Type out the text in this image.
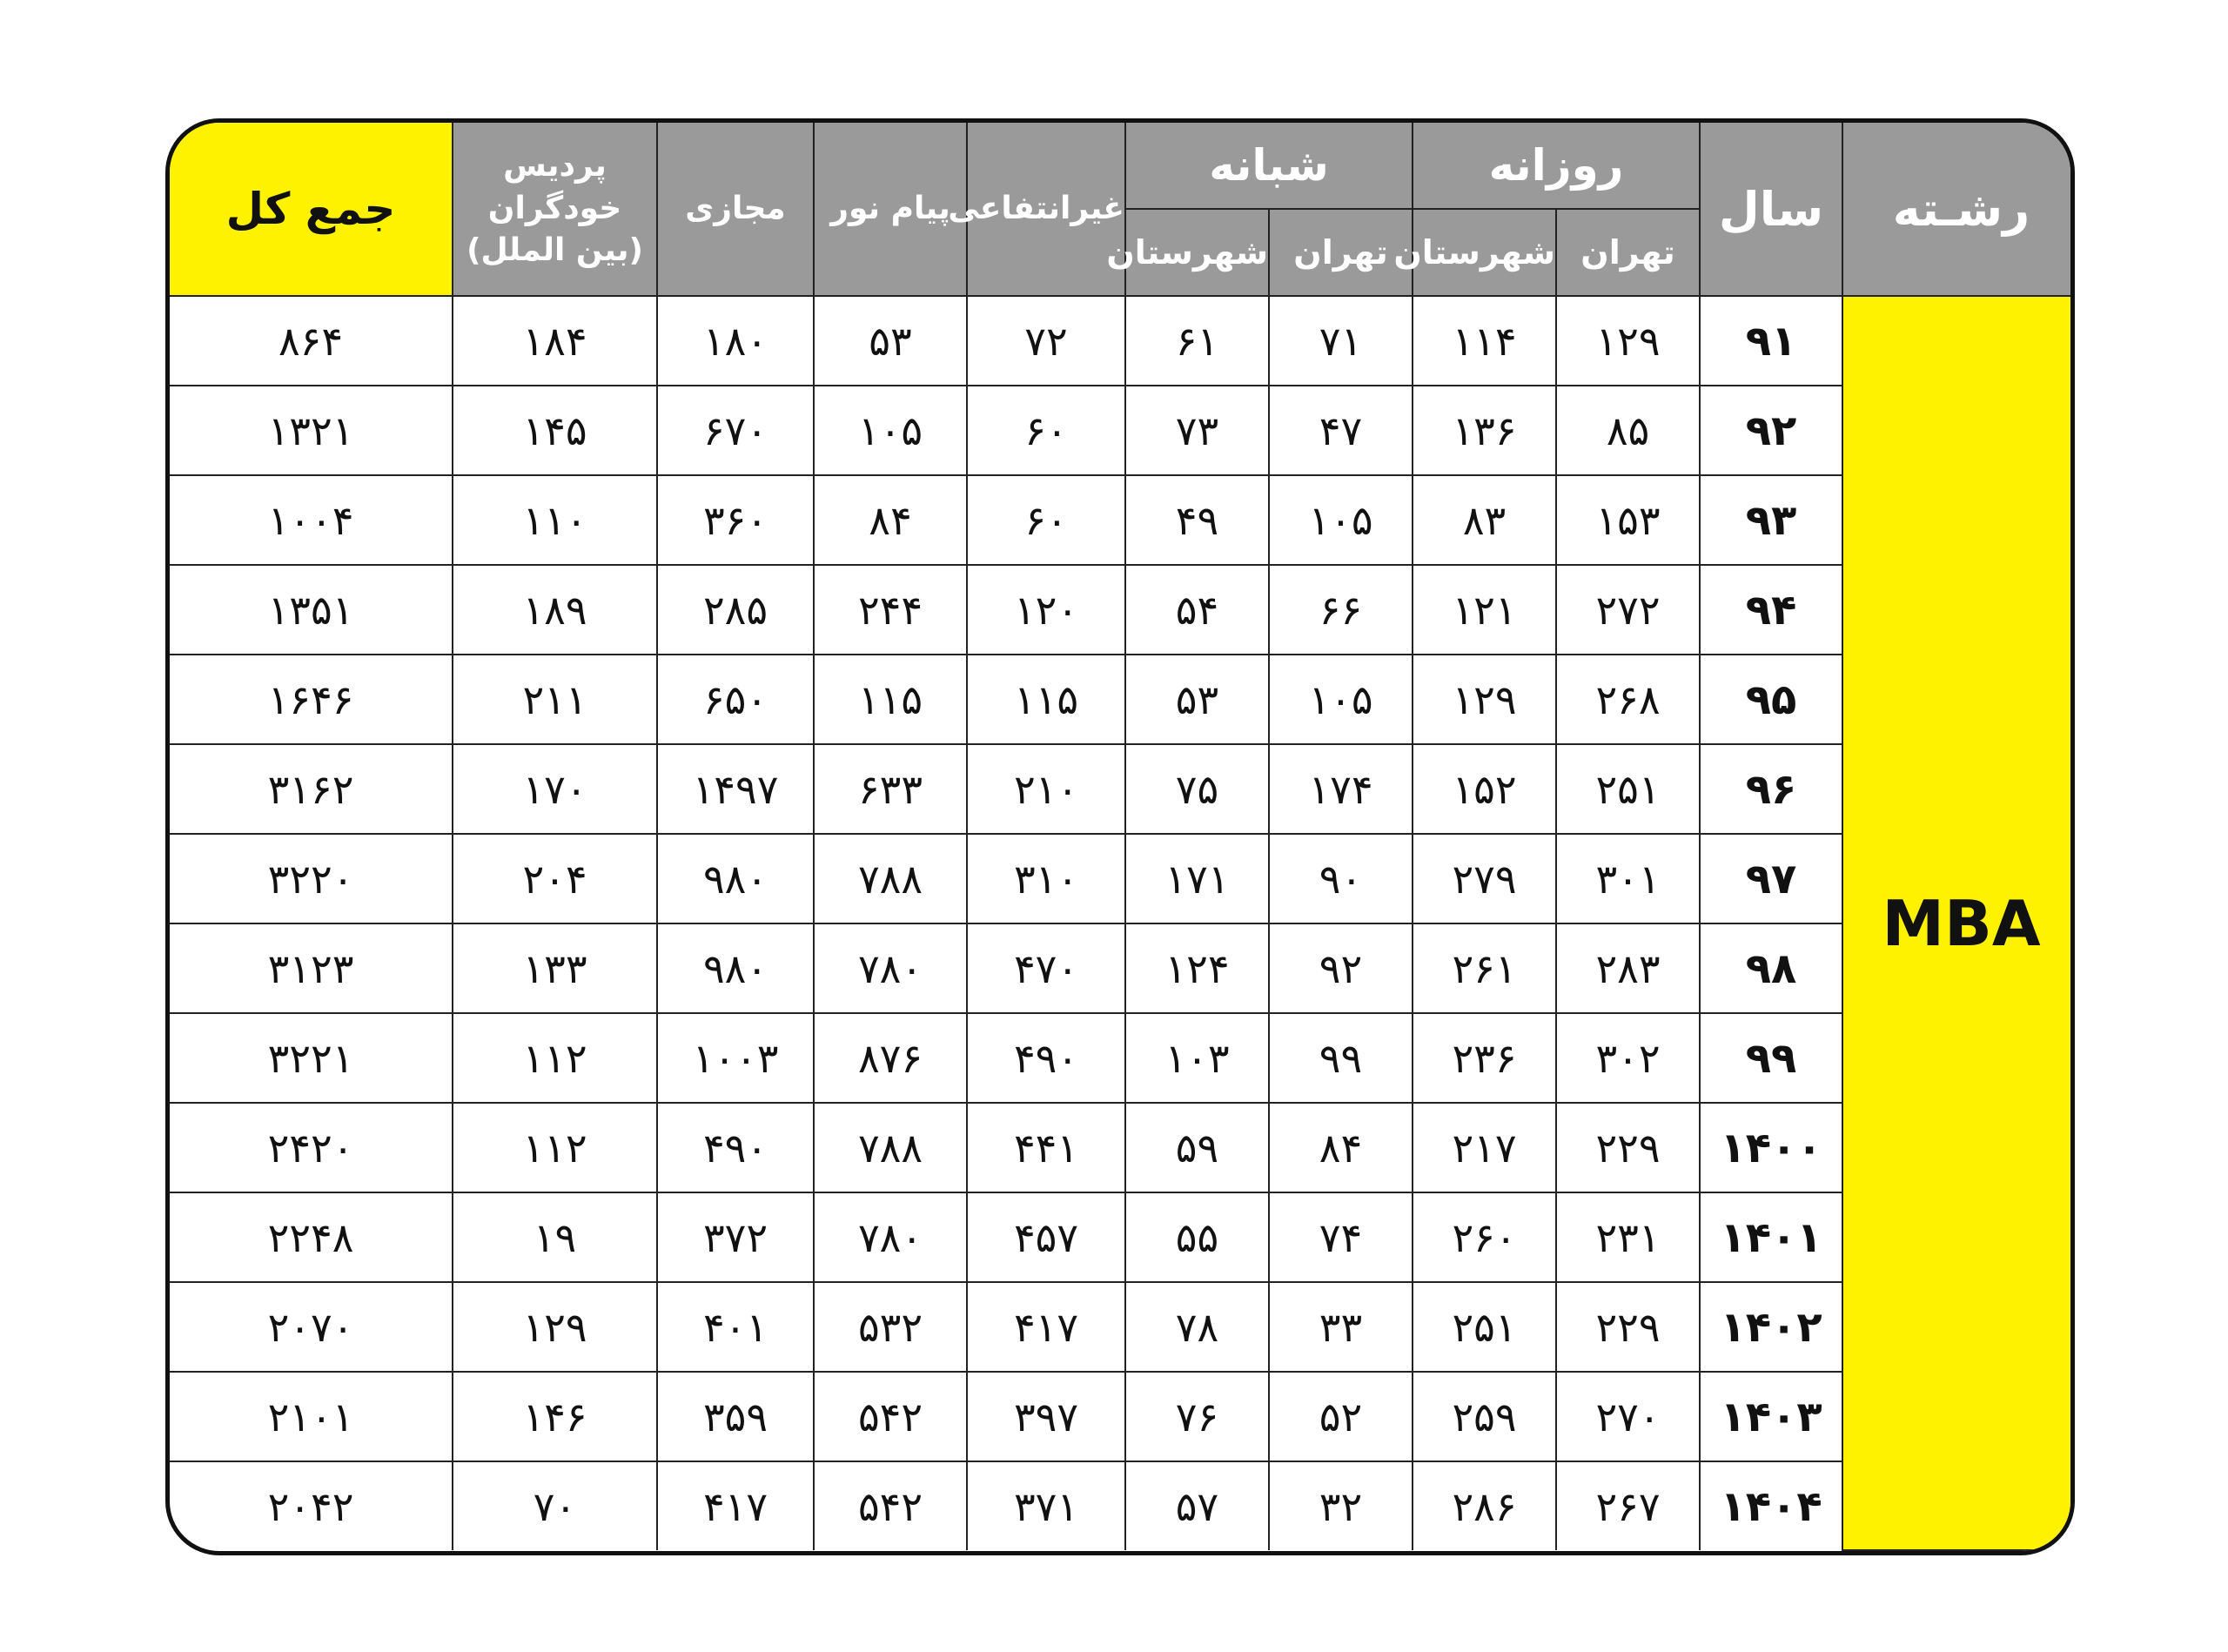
رشـته	سال	روزانه		شبانه		غیرانتفاعی	پیام نور	مجازی	پردیس خودگران (بین الملل)	جمع کل
		تهران	شهرستان	تهران	شهرستان					
MBA	۹۱	۱۲۹	۱۱۴	۷۱	۶۱	۷۲	۵۳	۱۸۰	۱۸۴	۸۶۴
	۹۲	۸۵	۱۳۶	۴۷	۷۳	۶۰	۱۰۵	۶۷۰	۱۴۵	۱۳۲۱
	۹۳	۱۵۳	۸۳	۱۰۵	۴۹	۶۰	۸۴	۳۶۰	۱۱۰	۱۰۰۴
	۹۴	۲۷۲	۱۲۱	۶۶	۵۴	۱۲۰	۲۴۴	۲۸۵	۱۸۹	۱۳۵۱
	۹۵	۲۶۸	۱۲۹	۱۰۵	۵۳	۱۱۵	۱۱۵	۶۵۰	۲۱۱	۱۶۴۶
	۹۶	۲۵۱	۱۵۲	۱۷۴	۷۵	۲۱۰	۶۳۳	۱۴۹۷	۱۷۰	۳۱۶۲
	۹۷	۳۰۱	۲۷۹	۹۰	۱۷۱	۳۱۰	۷۸۸	۹۸۰	۲۰۴	۳۲۲۰
	۹۸	۲۸۳	۲۶۱	۹۲	۱۲۴	۴۷۰	۷۸۰	۹۸۰	۱۳۳	۳۱۲۳
	۹۹	۳۰۲	۲۳۶	۹۹	۱۰۳	۴۹۰	۸۷۶	۱۰۰۳	۱۱۲	۳۲۲۱
	۱۴۰۰	۲۲۹	۲۱۷	۸۴	۵۹	۴۴۱	۷۸۸	۴۹۰	۱۱۲	۲۴۲۰
	۱۴۰۱	۲۳۱	۲۶۰	۷۴	۵۵	۴۵۷	۷۸۰	۳۷۲	۱۹	۲۲۴۸
	۱۴۰۲	۲۲۹	۲۵۱	۳۳	۷۸	۴۱۷	۵۳۲	۴۰۱	۱۲۹	۲۰۷۰
	۱۴۰۳	۲۷۰	۲۵۹	۵۲	۷۶	۳۹۷	۵۴۲	۳۵۹	۱۴۶	۲۱۰۱
	۱۴۰۴	۲۶۷	۲۸۶	۳۲	۵۷	۳۷۱	۵۴۲	۴۱۷	۷۰	۲۰۴۲
